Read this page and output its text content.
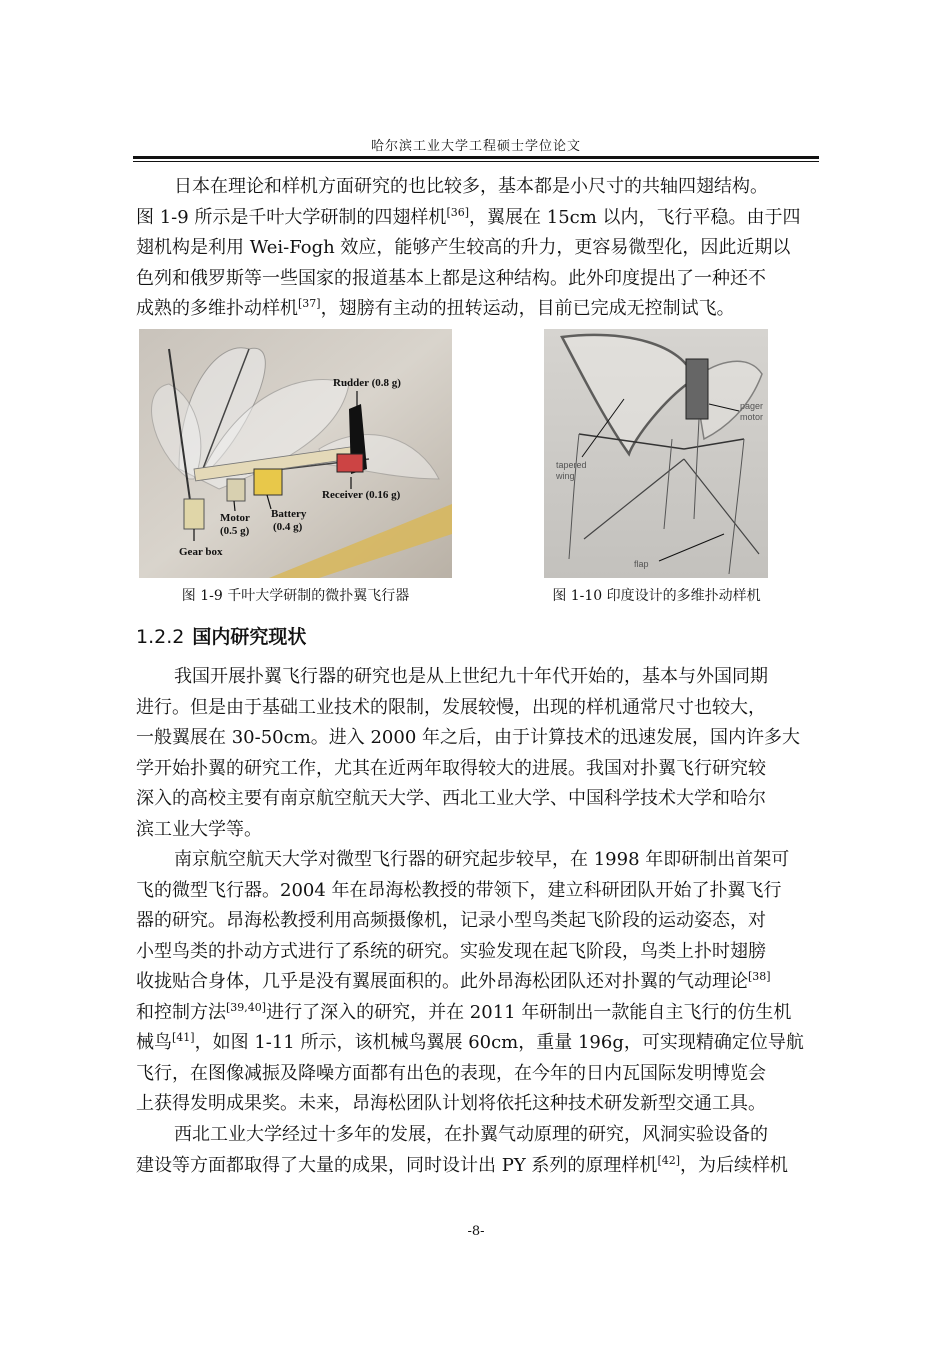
哈尔滨工业大学工程硕士学位论文

日本在理论和样机方面研究的也比较多，基本都是小尺寸的共轴四翅结构。
图 1-9 所示是千叶大学研制的四翅样机[36]，翼展在 15cm 以内，飞行平稳。由于四
翅机构是利用 Wei-Fogh 效应，能够产生较高的升力，更容易微型化，因此近期以
色列和俄罗斯等一些国家的报道基本上都是这种结构。此外印度提出了一种还不
成熟的多维扑动样机[37]，翅膀有主动的扭转运动，目前已完成无控制试飞。

Rudder (0.8 g)
Receiver (0.16 g)
Motor
(0.5 g)
Battery
(0.4 g)
Gear box
图 1-9 千叶大学研制的微扑翼飞行器
pager
motor
tapered
wing
flap
图 1-10 印度设计的多维扑动样机
1.2.2 国内研究现状

我国开展扑翼飞行器的研究也是从上世纪九十年代开始的，基本与外国同期
进行。但是由于基础工业技术的限制，发展较慢，出现的样机通常尺寸也较大，
一般翼展在 30-50cm。进入 2000 年之后，由于计算技术的迅速发展，国内许多大
学开始扑翼的研究工作，尤其在近两年取得较大的进展。我国对扑翼飞行研究较
深入的高校主要有南京航空航天大学、西北工业大学、中国科学技术大学和哈尔
滨工业大学等。

南京航空航天大学对微型飞行器的研究起步较早，在 1998 年即研制出首架可
飞的微型飞行器。2004 年在昂海松教授的带领下，建立科研团队开始了扑翼飞行
器的研究。昂海松教授利用高频摄像机，记录小型鸟类起飞阶段的运动姿态，对
小型鸟类的扑动方式进行了系统的研究。实验发现在起飞阶段，鸟类上扑时翅膀
收拢贴合身体，几乎是没有翼展面积的。此外昂海松团队还对扑翼的气动理论[38]
和控制方法[39,40]进行了深入的研究，并在 2011 年研制出一款能自主飞行的仿生机
械鸟[41]，如图 1-11 所示，该机械鸟翼展 60cm，重量 196g，可实现精确定位导航
飞行，在图像减振及降噪方面都有出色的表现，在今年的日内瓦国际发明博览会
上获得发明成果奖。未来，昂海松团队计划将依托这种技术研发新型交通工具。

西北工业大学经过十多年的发展，在扑翼气动原理的研究，风洞实验设备的
建设等方面都取得了大量的成果，同时设计出 PY 系列的原理样机[42]，为后续样机

-8-
